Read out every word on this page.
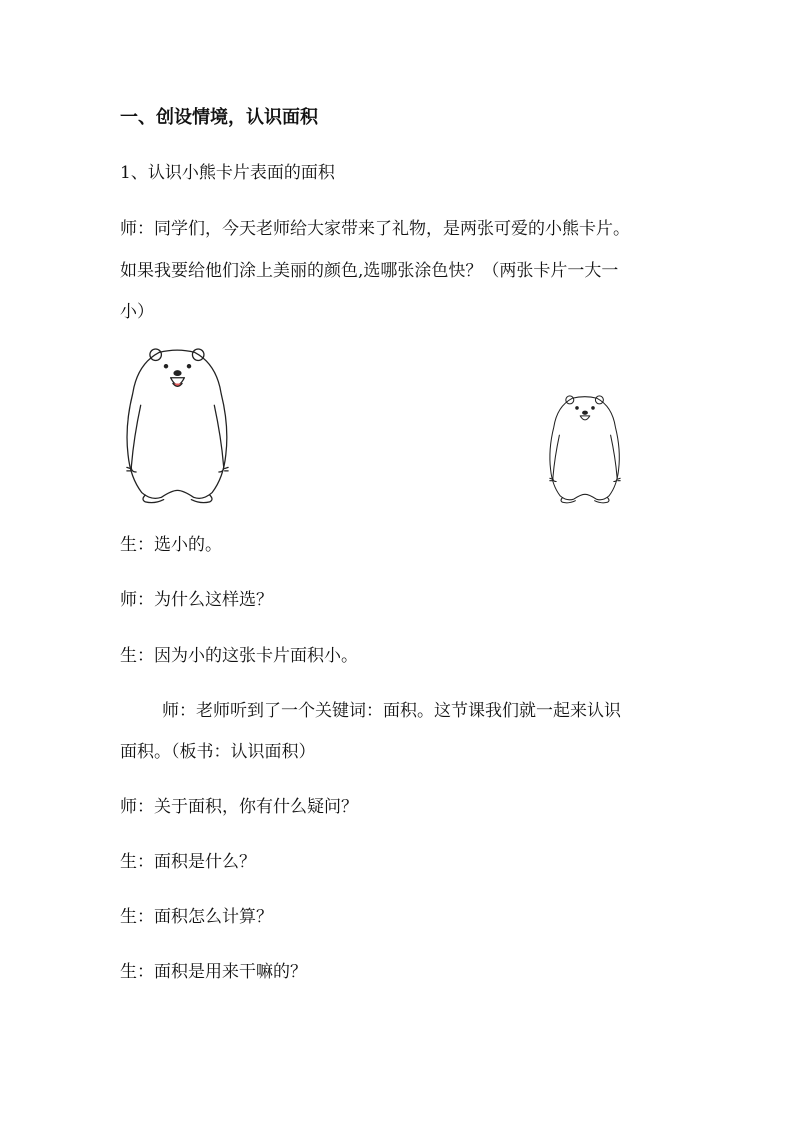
一、创设情境，认识面积
1、认识小熊卡片表面的面积
师：同学们，今天老师给大家带来了礼物，是两张可爱的小熊卡片。
如果我要给他们涂上美丽的颜色,选哪张涂色快？（两张卡片一大一
小）
生：选小的。
师：为什么这样选？
生：因为小的这张卡片面积小。
师：老师听到了一个关键词：面积。这节课我们就一起来认识
面积。（板书：认识面积）
师：关于面积，你有什么疑问？
生：面积是什么？
生：面积怎么计算？
生：面积是用来干嘛的？
